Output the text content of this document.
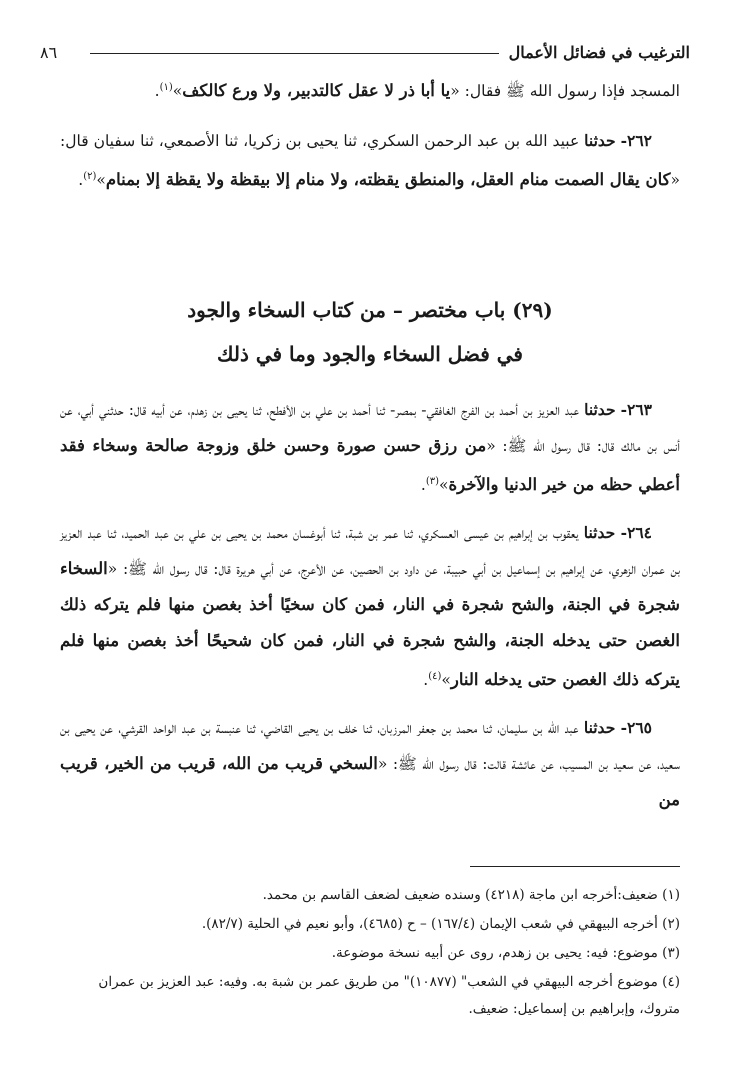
٨٦	الترغيب في فضائل الأعمال

المسجد فإذا رسول الله ﷺ فقال: «يا أبا ذر لا عقل كالتدبير، ولا ورع كالكف»$^{(١)}$.

٢٦٢- حدثنا عبيد الله بن عبد الرحمن السكري، ثنا يحيى بن زكريا، ثنا الأصمعي، ثنا سفيان قال: «كان يقال الصمت منام العقل، والمنطق يقظته، ولا منام إلا بيقظة ولا يقظة إلا بمنام»$^{(٢)}$.

(٢٩) باب مختصر – من كتاب السخاء والجود
في فضل السخاء والجود وما في ذلك

٢٦٣- حدثنا عبد العزيز بن أحمد بن الفرج الغافقي- بمصر- ثنا أحمد بن علي بن الأفطح، ثنا يحيى بن زهدم، عن أبيه قال: حدثني أبي، عن أنس بن مالك قال: قال رسول الله ﷺ: «من رزق حسن صورة وحسن خلق وزوجة صالحة وسخاء فقد أعطي حظه من خير الدنيا والآخرة»$^{(٣)}$.

٢٦٤- حدثنا يعقوب بن إبراهيم بن عيسى العسكري، ثنا عمر بن شبة، ثنا أبوغسان محمد بن يحيى بن علي بن عبد الحميد، ثنا عبد العزيز بن عمران الزهري، عن إبراهيم بن إسماعيل بن أبي حبيبة، عن داود بن الحصين، عن الأعرج، عن أبي هريرة قال: قال رسول الله ﷺ: «السخاء شجرة في الجنة، والشح شجرة في النار، فمن كان سخيًا أخذ بغصن منها فلم يتركه ذلك الغصن حتى يدخله الجنة، والشح شجرة في النار، فمن كان شحيحًا أخذ بغصن منها فلم يتركه ذلك الغصن حتى يدخله النار»$^{(٤)}$.

٢٦٥- حدثنا عبد الله بن سليمان، ثنا محمد بن جعفر المرزبان، ثنا خلف بن يحيى القاضي، ثنا عنبسة بن عبد الواحد القرشي، عن يحيى بن سعيد، عن سعيد بن المسيب، عن عائشة قالت: قال رسول الله ﷺ: «السخي قريب من الله، قريب من الخير، قريب من

(١) ضعيف:أخرجه ابن ماجة (٤٢١٨) وسنده ضعيف لضعف القاسم بن محمد.

(٢) أخرجه البيهقي في شعب الإيمان (١٦٧/٤) – ح (٤٦٨٥)، وأبو نعيم في الحلية (٨٢/٧).

(٣) موضوع: فيه: يحيى بن زهدم، روى عن أبيه نسخة موضوعة.

(٤) موضوع أخرجه البيهقي في الشعب" (١٠٨٧٧)" من طريق عمر بن شبة به. وفيه: عبد العزيز بن عمران متروك، وإبراهيم بن إسماعيل: ضعيف.
